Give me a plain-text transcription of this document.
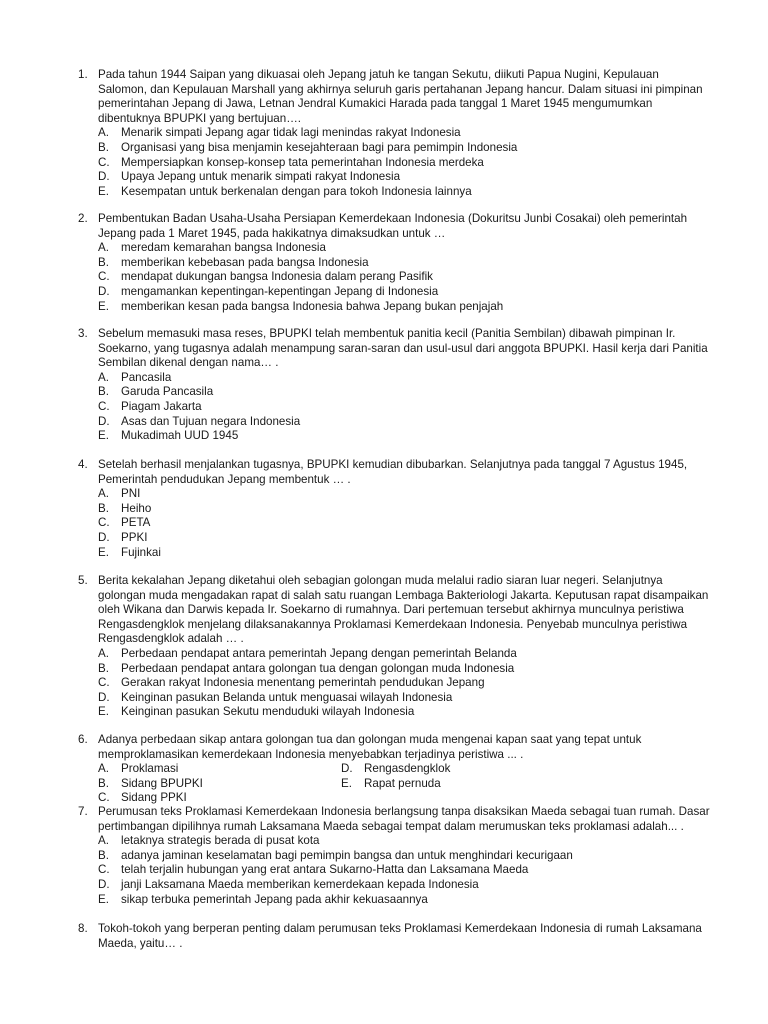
1. Pada tahun 1944 Saipan yang dikuasai oleh Jepang jatuh ke tangan Sekutu, diikuti Papua Nugini, Kepulauan Salomon, dan Kepulauan Marshall yang akhirnya seluruh garis pertahanan Jepang hancur. Dalam situasi ini pimpinan pemerintahan Jepang di Jawa, Letnan Jendral Kumakici Harada pada tanggal 1 Maret 1945 mengumumkan dibentuknya BPUPKI yang bertujuan….
A.	Menarik simpati Jepang agar tidak lagi menindas rakyat Indonesia
B.	Organisasi yang bisa menjamin kesejahteraan bagi para pemimpin Indonesia
C. Mempersiapkan konsep-konsep tata pemerintahan Indonesia merdeka
D. Upaya Jepang untuk menarik simpati rakyat Indonesia
E.	Kesempatan untuk berkenalan dengan para tokoh Indonesia lainnya
2. Pembentukan Badan Usaha-Usaha Persiapan Kemerdekaan Indonesia (Dokuritsu Junbi Cosakai) oleh pemerintah Jepang pada 1 Maret 1945, pada hakikatnya dimaksudkan untuk …
A.	meredam kemarahan bangsa Indonesia
B.	memberikan kebebasan pada bangsa Indonesia
C. mendapat dukungan bangsa Indonesia dalam perang Pasifik
D. mengamankan kepentingan-kepentingan Jepang di Indonesia
E.	memberikan kesan pada bangsa Indonesia bahwa Jepang bukan penjajah
3. Sebelum memasuki masa reses, BPUPKI telah membentuk panitia kecil (Panitia Sembilan) dibawah pimpinan Ir. Soekarno, yang tugasnya adalah menampung saran-saran dan usul-usul dari anggota BPUPKI. Hasil kerja dari Panitia Sembilan dikenal dengan nama… .
A.	Pancasila
B.	Garuda Pancasila
C. Piagam Jakarta
D. Asas dan Tujuan negara Indonesia
E.	Mukadimah UUD 1945
4. Setelah berhasil menjalankan tugasnya, BPUPKI kemudian dibubarkan. Selanjutnya pada tanggal 7 Agustus 1945, Pemerintah pendudukan Jepang membentuk … .
A.	PNI
B.	Heiho
C. PETA
D. PPKI
E.	Fujinkai
5. Berita kekalahan Jepang diketahui oleh sebagian golongan muda melalui radio siaran luar negeri. Selanjutnya golongan muda mengadakan rapat di salah satu ruangan Lembaga Bakteriologi Jakarta. Keputusan rapat disampaikan oleh Wikana dan Darwis kepada Ir. Soekarno di rumahnya. Dari pertemuan tersebut akhirnya munculnya peristiwa Rengasdengklok menjelang dilaksanakannya Proklamasi Kemerdekaan Indonesia. Penyebab munculnya peristiwa Rengasdengklok adalah … .
A.	Perbedaan pendapat antara pemerintah Jepang dengan pemerintah Belanda
B.	Perbedaan pendapat antara golongan tua dengan golongan muda Indonesia
C. Gerakan rakyat Indonesia menentang pemerintah pendudukan Jepang
D. Keinginan pasukan Belanda untuk menguasai wilayah Indonesia
E.	Keinginan pasukan Sekutu menduduki wilayah Indonesia
6. Adanya perbedaan sikap antara golongan tua dan golongan muda mengenai kapan saat yang tepat untuk memproklamasikan kemerdekaan Indonesia menyebabkan terjadinya peristiwa ... .
A.	Proklamasi	D. Rengasdengklok
B.	Sidang BPUPKI	E.	Rapat pernuda
C. Sidang PPKI
7. Perumusan teks Proklamasi Kemerdekaan Indonesia berlangsung tanpa disaksikan Maeda sebagai tuan rumah. Dasar pertimbangan dipilihnya rumah Laksamana Maeda sebagai tempat dalam merumuskan teks proklamasi adalah... .
A.	letaknya strategis berada di pusat kota
B.	adanya jaminan keselamatan bagi pemimpin bangsa dan untuk menghindari kecurigaan
C. telah terjalin hubungan yang erat antara Sukarno-Hatta dan Laksamana Maeda
D. janji Laksamana Maeda memberikan kemerdekaan kepada Indonesia
E.	sikap terbuka pemerintah Jepang pada akhir kekuasaannya
8. Tokoh-tokoh yang berperan penting dalam perumusan teks Proklamasi Kemerdekaan Indonesia di rumah Laksamana Maeda, yaitu… .
